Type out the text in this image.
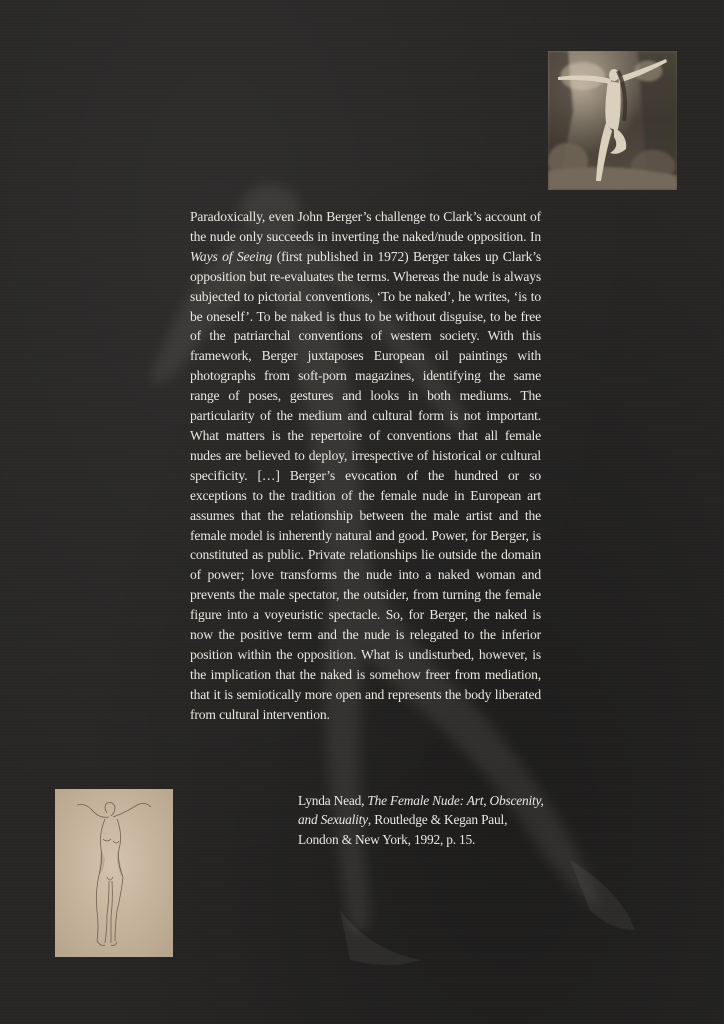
Paradoxically, even John Berger’s challenge to Clark’s account of the nude only succeeds in inverting the naked/nude opposition. In Ways of Seeing (first published in 1972) Berger takes up Clark’s opposition but re-evaluates the terms. Whereas the nude is always subjected to pictorial conventions, ‘To be naked’, he writes, ‘is to be oneself’. To be naked is thus to be without disguise, to be free of the patriarchal conventions of western society. With this framework, Berger juxtaposes European oil paintings with photographs from soft-porn magazines, identifying the same range of poses, gestures and looks in both mediums. The particularity of the medium and cultural form is not important. What matters is the repertoire of conventions that all female nudes are believed to deploy, irrespective of historical or cultural specificity. […] Berger’s evocation of the hundred or so exceptions to the tradition of the female nude in European art assumes that the relationship between the male artist and the female model is inherently natural and good. Power, for Berger, is constituted as public. Private relationships lie outside the domain of power; love transforms the nude into a naked woman and prevents the male spectator, the outsider, from turning the female figure into a voyeuristic spectacle. So, for Berger, the naked is now the positive term and the nude is relegated to the inferior position within the opposition. What is undisturbed, however, is the implication that the naked is somehow freer from mediation, that it is semiotically more open and represents the body liberated from cultural intervention.

Lynda Nead, The Female Nude: Art, Obscenity, and Sexuality, Routledge & Kegan Paul, London & New York, 1992, p. 15.
